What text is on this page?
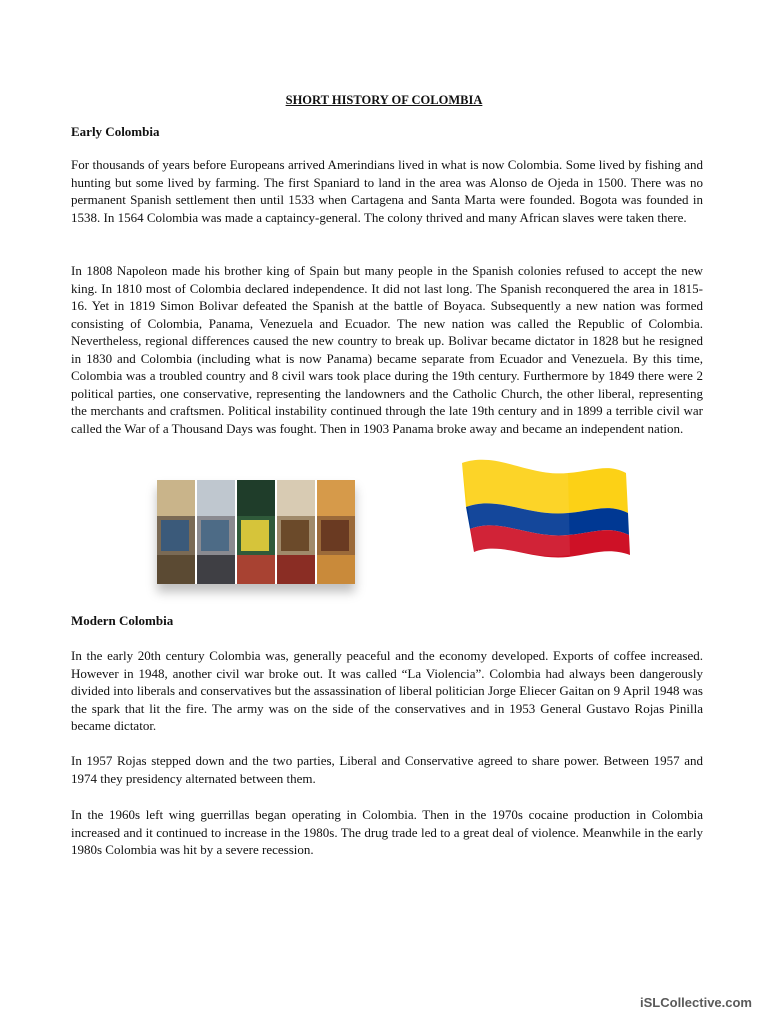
SHORT HISTORY OF COLOMBIA
Early Colombia

For thousands of years before Europeans arrived Amerindians lived in what is now Colombia. Some lived by fishing and hunting but some lived by farming. The first Spaniard to land in the area was Alonso de Ojeda in 1500. There was no permanent Spanish settlement then until 1533 when Cartagena and Santa Marta were founded. Bogota was founded in 1538. In 1564 Colombia was made a captaincy-general. The colony thrived and many African slaves were taken there.

In 1808 Napoleon made his brother king of Spain but many people in the Spanish colonies refused to accept the new king. In 1810 most of Colombia declared independence. It did not last long. The Spanish reconquered the area in 1815-16. Yet in 1819 Simon Bolivar defeated the Spanish at the battle of Boyaca. Subsequently a new nation was formed consisting of Colombia, Panama, Venezuela and Ecuador. The new nation was called the Republic of Colombia. Nevertheless, regional differences caused the new country to break up. Bolivar became dictator in 1828 but he resigned in 1830 and Colombia (including what is now Panama) became separate from Ecuador and Venezuela. By this time, Colombia was a troubled country and 8 civil wars took place during the 19th century. Furthermore by 1849 there were 2 political parties, one conservative, representing the landowners and the Catholic Church, the other liberal, representing the merchants and craftsmen. Political instability continued through the late 19th century and in 1899 a terrible civil war called the War of a Thousand Days was fought. Then in 1903 Panama broke away and became an independent nation.

Modern Colombia

In the early 20th century Colombia was, generally peaceful and the economy developed. Exports of coffee increased. However in 1948, another civil war broke out. It was called “La Violencia”. Colombia had always been dangerously divided into liberals and conservatives but the assassination of liberal politician Jorge Eliecer Gaitan on 9 April 1948 was the spark that lit the fire. The army was on the side of the conservatives and in 1953 General Gustavo Rojas Pinilla became dictator.

In 1957 Rojas stepped down and the two parties, Liberal and Conservative agreed to share power. Between 1957 and 1974 they presidency alternated between them.

In the 1960s left wing guerrillas began operating in Colombia. Then in the 1970s cocaine production in Colombia increased and it continued to increase in the 1980s. The drug trade led to a great deal of violence. Meanwhile in the early 1980s Colombia was hit by a severe recession.

iSLCollective.com
